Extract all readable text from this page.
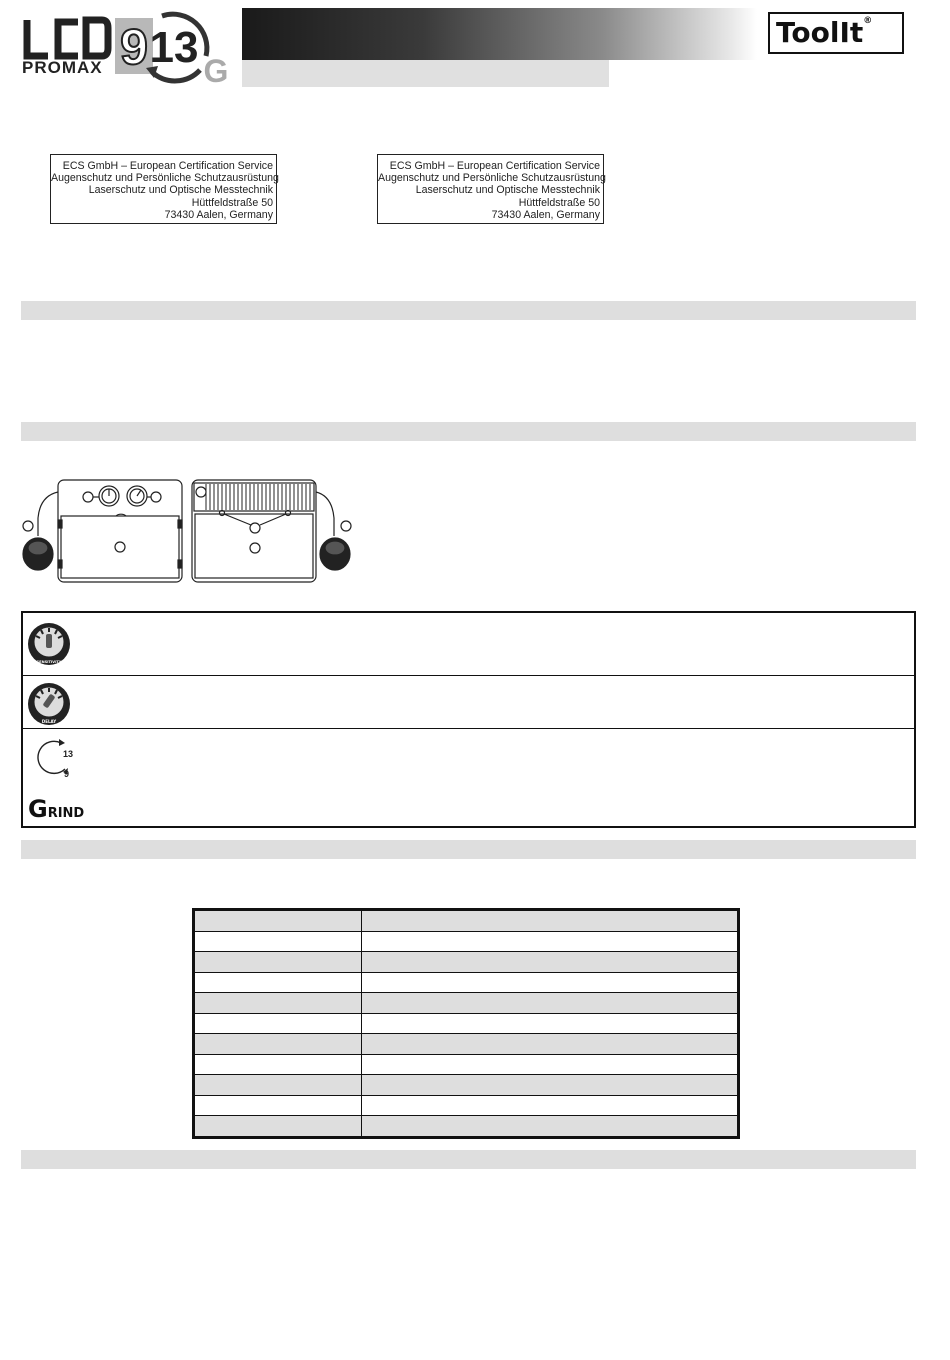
PROMAX 9 13 G
ToolIt®
ECS GmbH – European Certification Service
Augenschutz und Persönliche Schutzausrüstung
Laserschutz und Optische Messtechnik
Hüttfeldstraße 50
73430 Aalen, Germany
ECS GmbH – European Certification Service
Augenschutz und Persönliche Schutzausrüstung
Laserschutz und Optische Messtechnik
Hüttfeldstraße 50
73430 Aalen, Germany
SENSITIVITY
DELAY
13
9
GRIND
